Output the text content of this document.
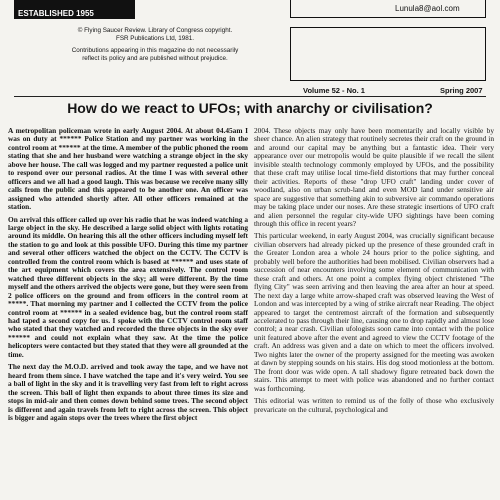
ESTABLISHED 1955
© Flying Saucer Review. Library of Congress copyright.
FSR Publications Ltd, 1981.
Contributions appearing in this magazine do not necessarily
reflect its policy and are published without prejudice.
Lunula8@aol.com
Volume 52 - No. 1	Spring 2007
How do we react to UFOs; with anarchy or civilisation?

A metropolitan policeman wrote in early August 2004. At about 04.45am I was on duty at ****** Police Station and my partner was working in the control room at ****** at the time. A member of the public phoned the room stating that she and her husband were watching a strange object in the sky above her house. The call was logged and my partner requested a police unit to respond over our personal radios. At the time I was with several other officers and we all had a good laugh. This was because we receive many silly calls from the public and this appeared to be another one. An officer was assigned who attended shortly after. All other officers remained at the station.

On arrival this officer called up over his radio that he was indeed watching a large object in the sky. He described a large solid object with lights rotating around its middle. On hearing this all the other officers including myself left the station to go and look at this possible UFO. During this time my partner and several other officers watched the object on the CCTV. The CCTV is controlled from the control room which is based at ****** and uses state of the art equipment which covers the area extensively. The control room watched three different objects in the sky; all were different. By the time myself and the others arrived the objects were gone, but they were seen from 2 police officers on the ground and from officers in the control room at *****. That morning my partner and I collected the CCTV from the police control room at ****** in a sealed evidence bag, but the control room staff had taped a second copy for us. I spoke with the CCTV control room staff who stated that they watched and recorded the three objects in the sky over ****** and could not explain what they saw. At the time the police helicopters were contacted but they stated that they were all grounded at the time.

The next day the M.O.D. arrived and took away the tape, and we have not heard from them since. I have watched the tape and it's very weird. You see a ball of light in the sky and it is travelling very fast from left to right across the screen. This ball of light then expands to about three times its size and stops in mid-air and then comes down behind some trees. The second object is different and again travels from left to right across the screen. This object is bigger and again stops over the trees where the first object

2004. These objects may only have been momentarily and locally visible by sheer chance. An alien strategy that routinely secretes their craft on the ground in and around our capital may be anything but a fantastic idea. Their very appearance over our metropolis would be quite plausible if we recall the silent invisible stealth technology commonly employed by UFOs, and the possibility that these craft may utilise local time-field distortions that may further conceal their activities. Reports of these "drop UFO craft" landing under cover of woodland, also on urban scrub-land and even MOD land under sensitive air space are suggestive that something akin to subversive air commando operations may be taking place under our noses. Are these strategic insertions of UFO craft and alien personnel the regular city-wide UFO sightings have been coming through this office in recent years?

This particular weekend, in early August 2004, was crucially significant because civilian observers had already picked up the presence of these grounded craft in the Greater London area a whole 24 hours prior to the police sighting, and probably well before the authorities had been mobilised. Civilian observers had a succession of near encounters involving some element of communication with these craft and others. At one point a complex flying object christened "The flying City" was seen arriving and then leaving the area after an hour at speed. The next day a large white arrow-shaped craft was observed leaving the West of London and was intercepted by a wing of strike aircraft near Reading. The object appeared to target the centremost aircraft of the formation and subsequently accelerated to pass through their line, causing one to drop rapidly and almost lose control; a near crash. Civilian ufologists soon came into contact with the police unit featured above after the event and agreed to view the CCTV footage of the craft. An address was given and a date on which to meet the officers involved. Two nights later the owner of the property assigned for the meeting was awoken at dawn by stepping sounds on his stairs. His dog stood motionless at the bottom. The front door was wide open. A tall shadowy figure retreated back down the stairs. This attempt to meet with police was abandoned and no further contact was forthcoming.

This editorial was written to remind us of the folly of those who exclusively prevaricate on the cultural, psychological and
